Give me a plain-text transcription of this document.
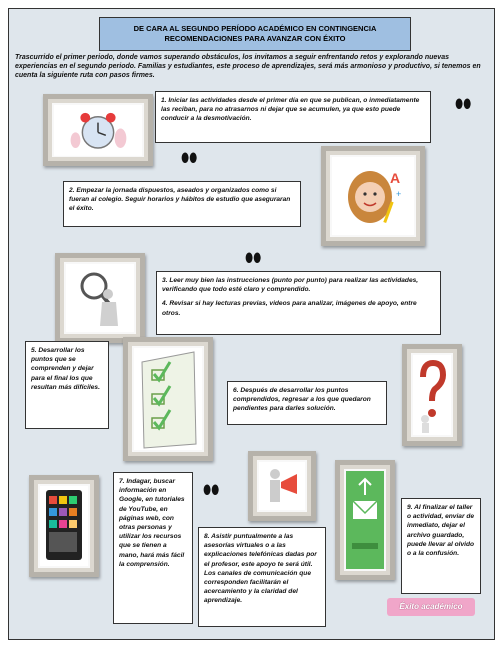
DE CARA AL SEGUNDO PERÍODO ACADÉMICO EN CONTINGENCIA
RECOMENDACIONES PARA AVANZAR CON ÉXITO
Trascurrido el primer periodo, donde vamos superando obstáculos, los invitamos a seguir enfrentando retos y explorando nuevas experiencias en el segundo periodo. Familias y estudiantes, este proceso de aprendizajes, será más armonioso y productivo, si tenemos en cuenta la siguiente ruta con pasos firmes.

1. Iniciar las actividades desde el primer día en que se publican, o inmediatamente las reciban, para no atrasarnos ni dejar que se acumulen, ya que esto puede conducir a la desmotivación.

⬮⬮
⬮⬮
A
+

2. Empezar la jornada dispuestos, aseados y organizados como si fueran al colegio. Seguir horarios y hábitos de estudio que aseguraran el éxito.

⬮⬮

3. Leer muy bien las instrucciones (punto por punto) para realizar las actividades, verificando que todo esté claro y comprendido.

4. Revisar si hay lecturas previas, videos para analizar, imágenes de apoyo, entre otros.

5. Desarrollar los puntos que se comprenden y dejar para el final los que resultan más difíciles.	6. Después de desarrollar los puntos comprendidos, regresar a los que quedaron pendientes para darles solución.

7. Indagar, buscar información en Google, en tutoriales de YouTube, en páginas web, con otras personas y utilizar los recursos que se tienen a mano, hará más fácil la comprensión.

⬮⬮

8. Asistir puntualmente a las asesorías virtuales o a las explicaciones telefónicas dadas por el profesor, este apoyo te será útil. Los canales de comunicación que corresponden facilitarán el acercamiento y la claridad del aprendizaje.

9. Al finalizar el taller o actividad, enviar de inmediato, dejar el archivo guardado, puede llevar al olvido o a la confusión.

Éxito académico
